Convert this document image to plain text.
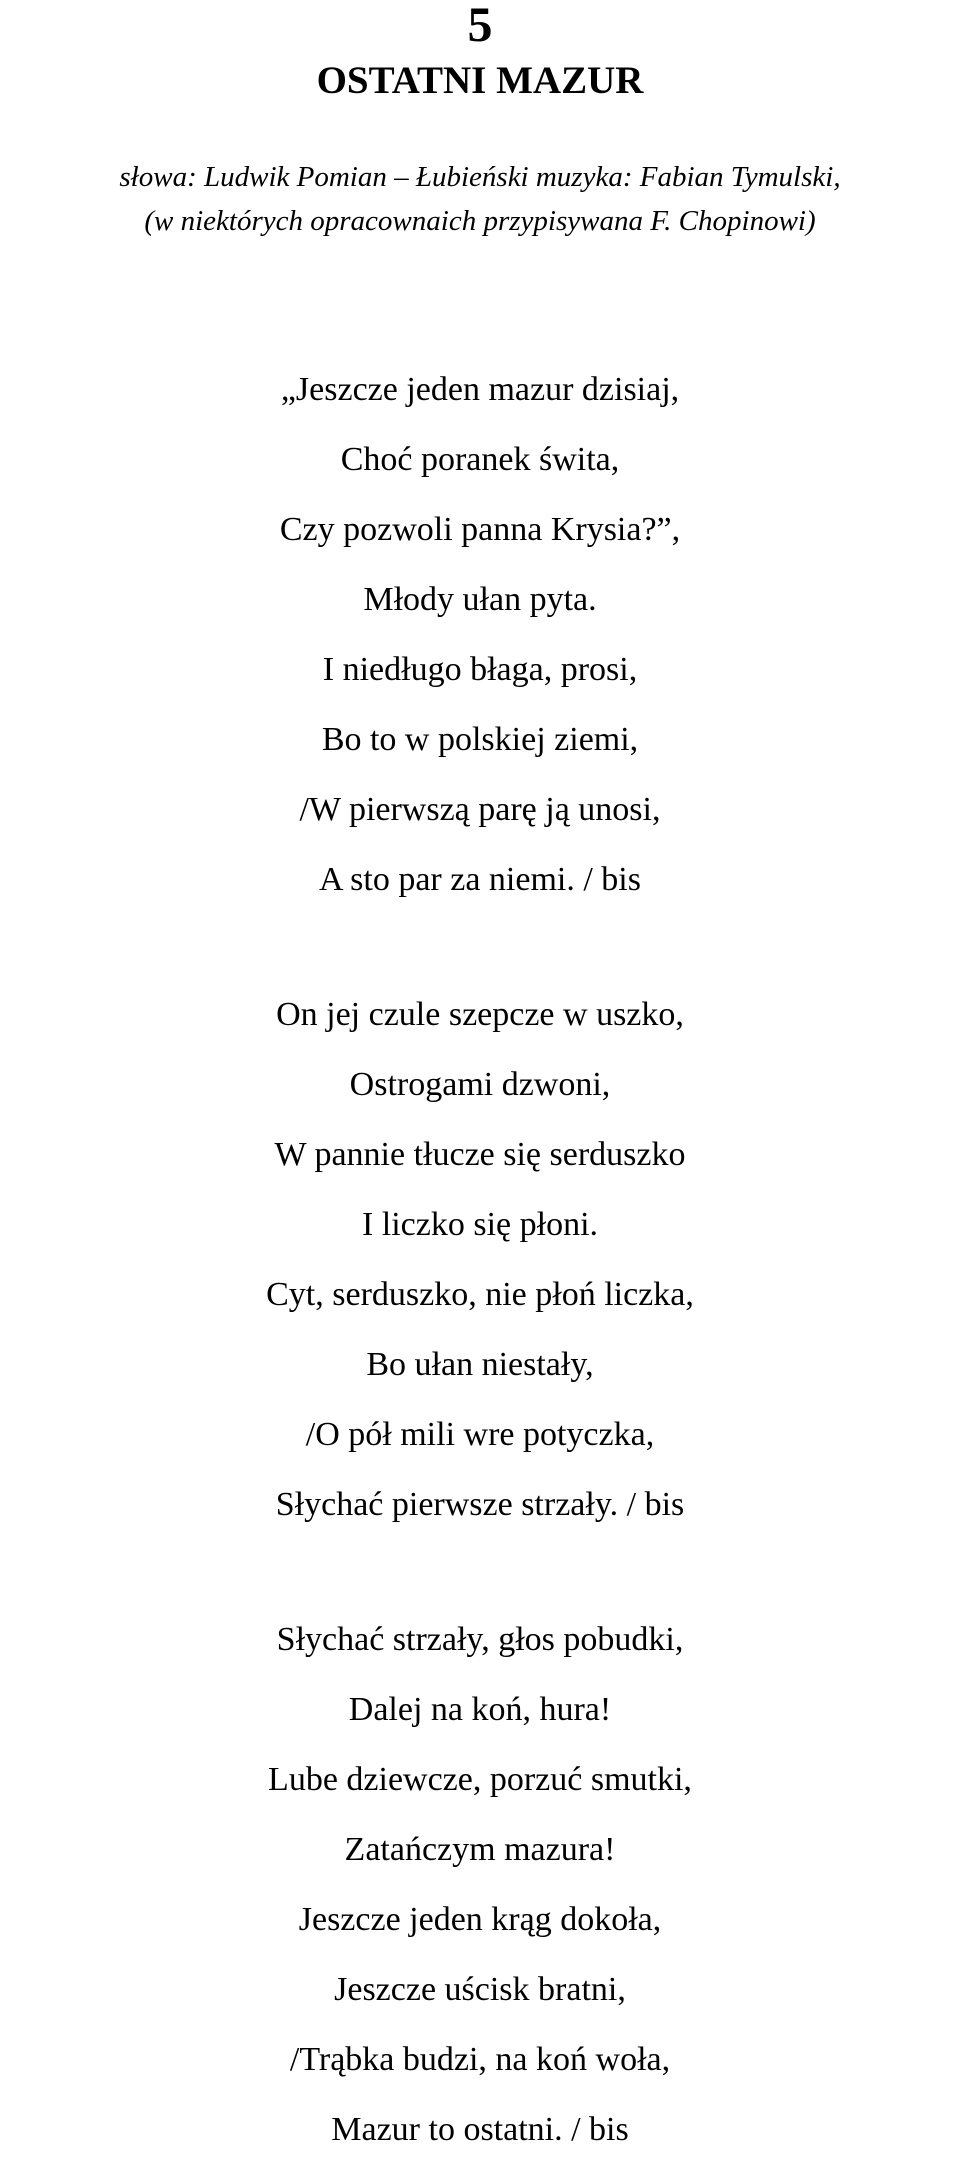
5
OSTATNI MAZUR
słowa: Ludwik Pomian – Łubieński muzyka: Fabian Tymulski,
(w niektórych opracownaich przypisywana F. Chopinowi)
„Jeszcze jeden mazur dzisiaj,
Choć poranek świta,
Czy pozwoli panna Krysia?”,
Młody ułan pyta.
I niedługo błaga, prosi,
Bo to w polskiej ziemi,
/W pierwszą parę ją unosi,
A sto par za niemi. / bis
On jej czule szepcze w uszko,
Ostrogami dzwoni,
W pannie tłucze się serduszko
I liczko się płoni.
Cyt, serduszko, nie płoń liczka,
Bo ułan niestały,
/O pół mili wre potyczka,
Słychać pierwsze strzały. / bis
Słychać strzały, głos pobudki,
Dalej na koń, hura!
Lube dziewcze, porzuć smutki,
Zatańczym mazura!
Jeszcze jeden krąg dokoła,
Jeszcze uścisk bratni,
/Trąbka budzi, na koń woła,
Mazur to ostatni. / bis
